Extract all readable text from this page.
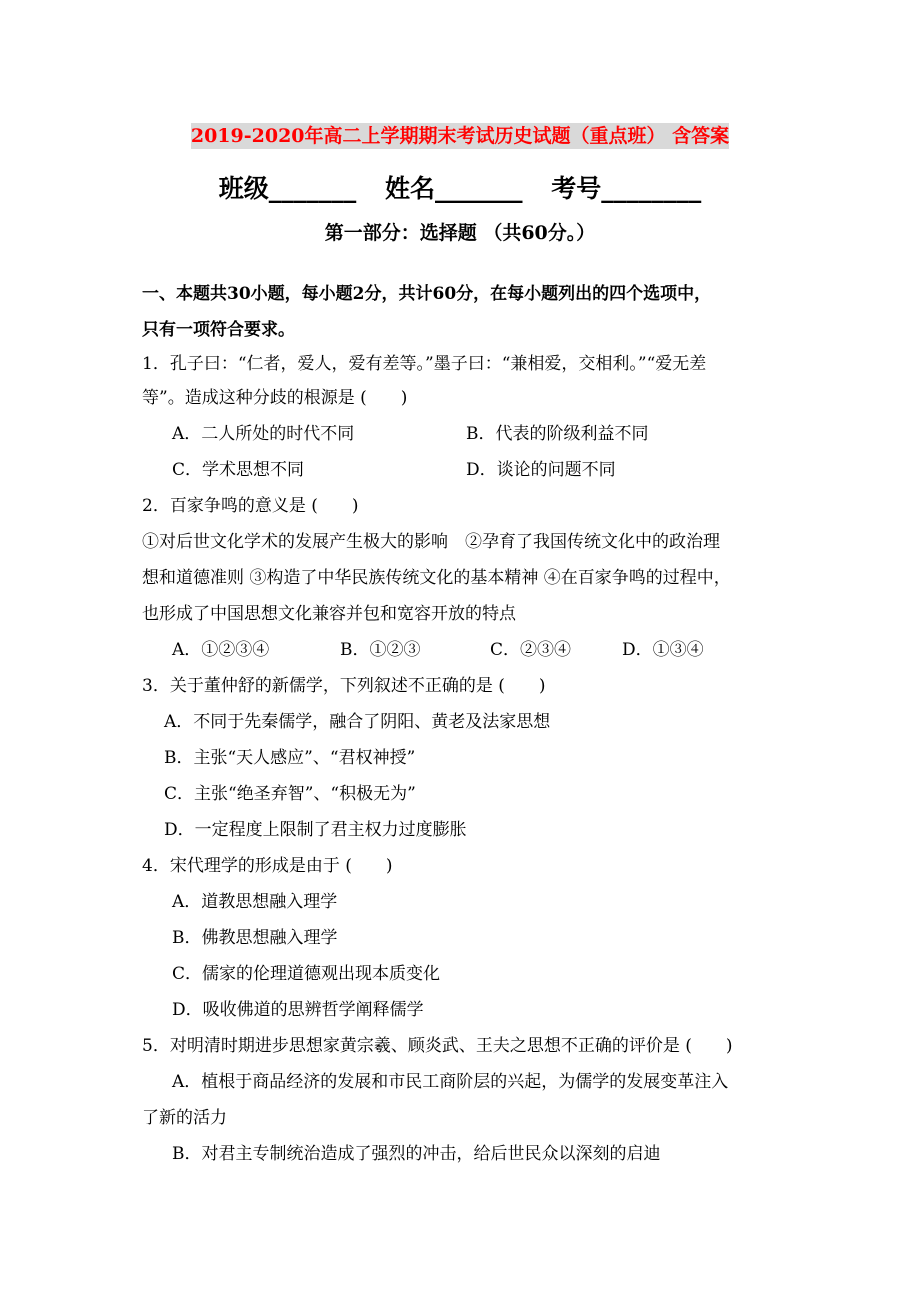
2019-2020年高二上学期期末考试历史试题（重点班） 含答案
班级_______ 姓名_______ 考号________
第一部分：选择题 （共60分。）
一、本题共30小题，每小题2分，共计60分，在每小题列出的四个选项中，
只有一项符合要求。
1．孔子曰：“仁者，爱人，爱有差等。”墨子曰：“兼相爱，交相利。”“爱无差
等”。造成这种分歧的根源是 (　　)
A．二人所处的时代不同	B．代表的阶级利益不同
C．学术思想不同	D．谈论的问题不同
2．百家争鸣的意义是 (　　)
①对后世文化学术的发展产生极大的影响　②孕育了我国传统文化中的政治理
想和道德准则 ③构造了中华民族传统文化的基本精神 ④在百家争鸣的过程中，
也形成了中国思想文化兼容并包和宽容开放的特点
A．①②③④	B．①②③	C．②③④	D．①③④
3．关于董仲舒的新儒学，下列叙述不正确的是 (　　)
A．不同于先秦儒学，融合了阴阳、黄老及法家思想
B．主张“天人感应”、“君权神授”
C．主张“绝圣弃智”、“积极无为”
D．一定程度上限制了君主权力过度膨胀
4．宋代理学的形成是由于 (　　)
A．道教思想融入理学
B．佛教思想融入理学
C．儒家的伦理道德观出现本质变化
D．吸收佛道的思辨哲学阐释儒学
5．对明清时期进步思想家黄宗羲、顾炎武、王夫之思想不正确的评价是 (　　)
A．植根于商品经济的发展和市民工商阶层的兴起，为儒学的发展变革注入
了新的活力
B．对君主专制统治造成了强烈的冲击，给后世民众以深刻的启迪
